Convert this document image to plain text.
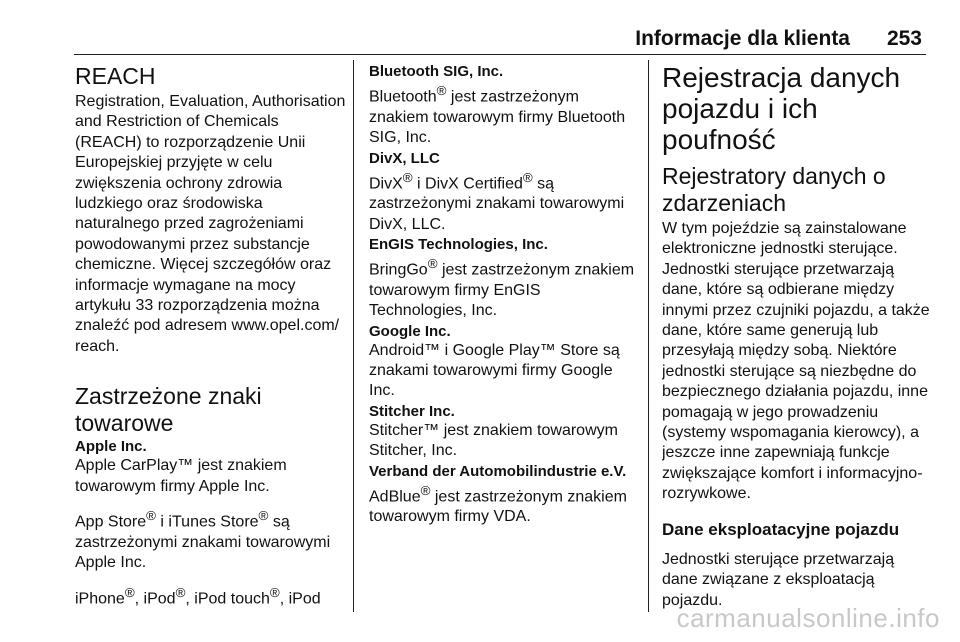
Informacje dla klienta 253
REACH

Registration, Evaluation, Authorisation and Restriction of Chemicals (REACH) to rozporządzenie Unii Europejskiej przyjęte w celu zwiększenia ochrony zdrowia ludzkiego oraz środowiska naturalnego przed zagrożeniami powodowanymi przez substancje chemiczne. Więcej szczegółów oraz informacje wymagane na mocy artykułu 33 rozporządzenia można znaleźć pod adresem www.opel.com/ reach.

Zastrzeżone znaki towarowe

Apple Inc.

Apple CarPlay™ jest znakiem towarowym firmy Apple Inc.

App Store® i iTunes Store® są zastrzeżonymi znakami towarowymi Apple Inc.

iPhone®, iPod®, iPod touch®, iPod

Bluetooth SIG, Inc.

Bluetooth® jest zastrzeżonym znakiem towarowym firmy Bluetooth SIG, Inc.

DivX, LLC

DivX® i DivX Certified® są zastrzeżonymi znakami towarowymi DivX, LLC.

EnGIS Technologies, Inc.

BringGo® jest zastrzeżonym znakiem towarowym firmy EnGIS Technologies, Inc.

Google Inc.

Android™ i Google Play™ Store są znakami towarowymi firmy Google Inc.

Stitcher Inc.

Stitcher™ jest znakiem towarowym Stitcher, Inc.

Verband der Automobilindustrie e.V.

AdBlue® jest zastrzeżonym znakiem towarowym firmy VDA.

Rejestracja danych pojazdu i ich poufność
Rejestratory danych o zdarzeniach

W tym pojeździe są zainstalowane elektroniczne jednostki sterujące. Jednostki sterujące przetwarzają dane, które są odbierane między innymi przez czujniki pojazdu, a także dane, które same generują lub przesyłają między sobą. Niektóre jednostki sterujące są niezbędne do bezpiecznego działania pojazdu, inne pomagają w jego prowadzeniu (systemy wspomagania kierowcy), a jeszcze inne zapewniają funkcje zwiększające komfort i informacyjno-rozrywkowe.

Dane eksploatacyjne pojazdu

Jednostki sterujące przetwarzają dane związane z eksploatacją pojazdu.

carmanualsonline.info
